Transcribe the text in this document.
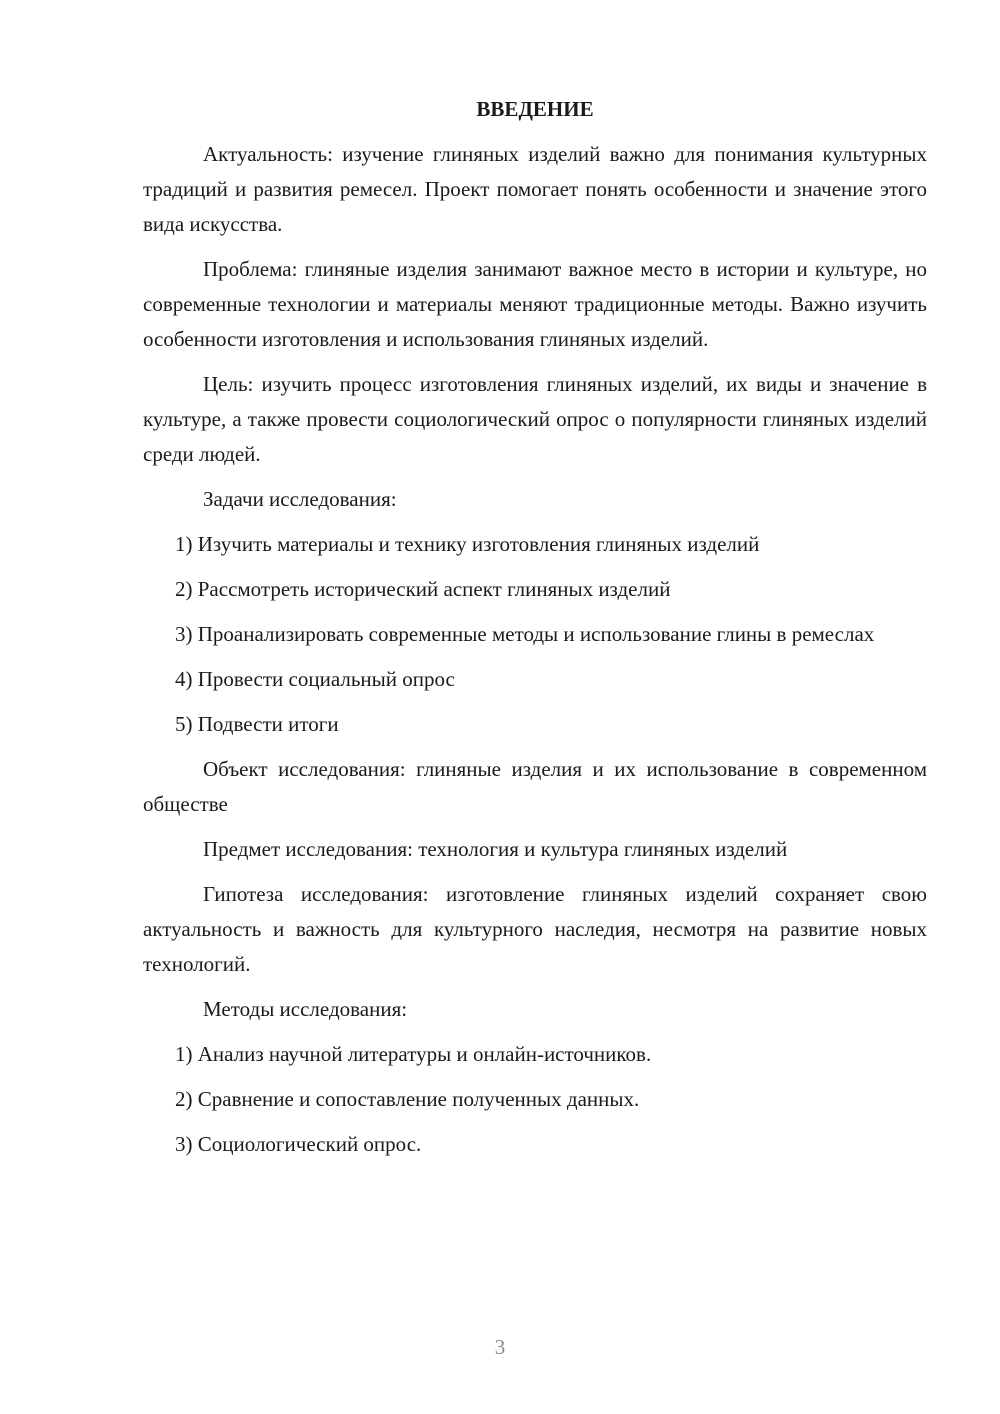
ВВЕДЕНИЕ

Актуальность: изучение глиняных изделий важно для понимания культурных традиций и развития ремесел. Проект помогает понять особенности и значение этого вида искусства.

Проблема: глиняные изделия занимают важное место в истории и культуре, но современные технологии и материалы меняют традиционные методы. Важно изучить особенности изготовления и использования глиняных изделий.

Цель: изучить процесс изготовления глиняных изделий, их виды и значение в культуре, а также провести социологический опрос о популярности глиняных изделий среди людей.

Задачи исследования:

1) Изучить материалы и технику изготовления глиняных изделий

2) Рассмотреть исторический аспект глиняных изделий

3) Проанализировать современные методы и использование глины в ремеслах

4) Провести социальный опрос

5) Подвести итоги

Объект исследования: глиняные изделия и их использование в современном обществе

Предмет исследования: технология и культура глиняных изделий

Гипотеза исследования: изготовление глиняных изделий сохраняет свою актуальность и важность для культурного наследия, несмотря на развитие новых технологий.

Методы исследования:

1) Анализ научной литературы и онлайн-источников.

2) Сравнение и сопоставление полученных данных.

3) Социологический опрос.

3
